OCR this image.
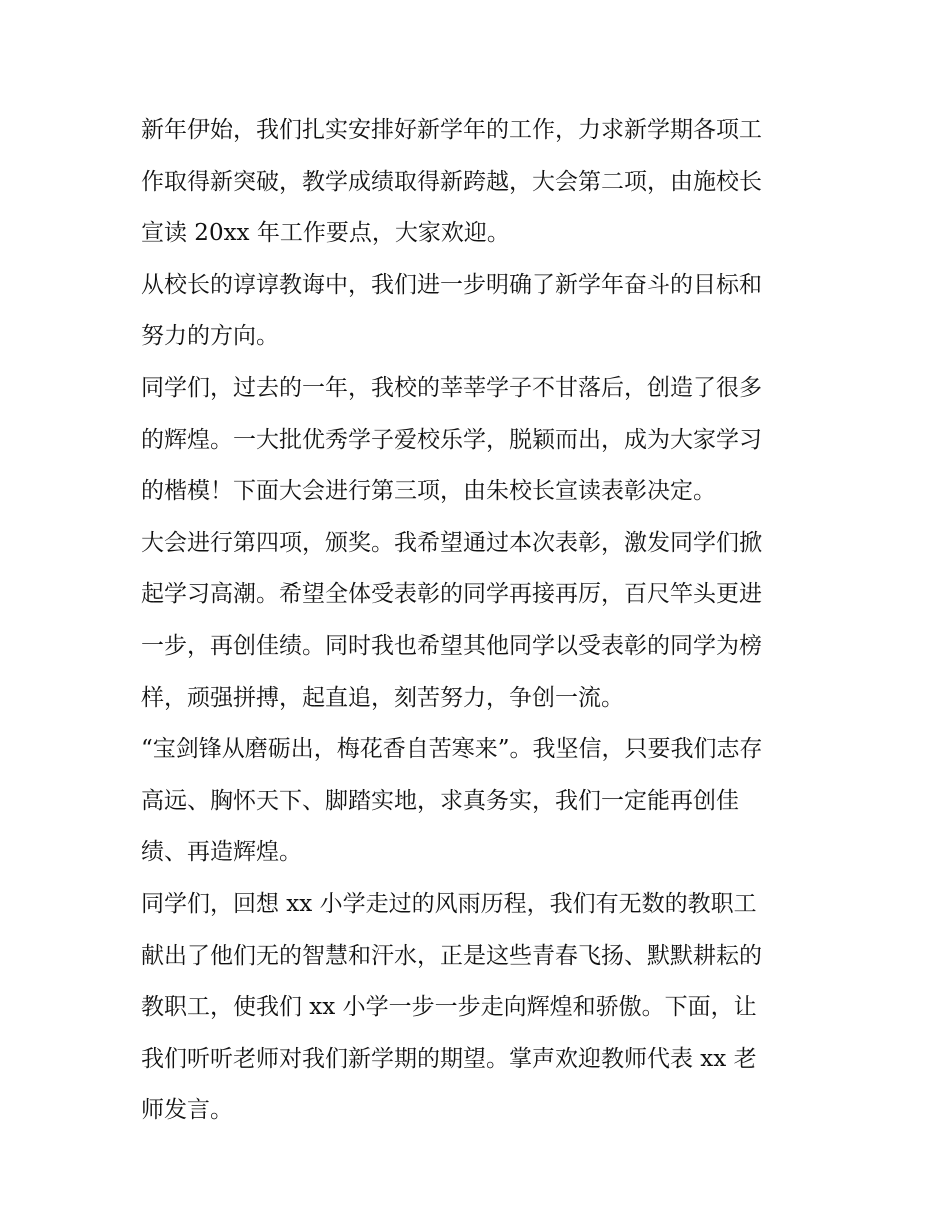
新年伊始，我们扎实安排好新学年的工作，力求新学期各项工
作取得新突破，教学成绩取得新跨越，大会第二项，由施校长
宣读 20xx 年工作要点，大家欢迎。

从校长的谆谆教诲中，我们进一步明确了新学年奋斗的目标和
努力的方向。

同学们，过去的一年，我校的莘莘学子不甘落后，创造了很多
的辉煌。一大批优秀学子爱校乐学，脱颖而出，成为大家学习
的楷模！下面大会进行第三项，由朱校长宣读表彰决定。

大会进行第四项，颁奖。我希望通过本次表彰，激发同学们掀
起学习高潮。希望全体受表彰的同学再接再厉，百尺竿头更进
一步，再创佳绩。同时我也希望其他同学以受表彰的同学为榜
样，顽强拼搏，起直追，刻苦努力，争创一流。

“宝剑锋从磨砺出，梅花香自苦寒来”。我坚信，只要我们志存
高远、胸怀天下、脚踏实地，求真务实，我们一定能再创佳
绩、再造辉煌。

同学们，回想 xx 小学走过的风雨历程，我们有无数的教职工
献出了他们无的智慧和汗水，正是这些青春飞扬、默默耕耘的
教职工，使我们 xx 小学一步一步走向辉煌和骄傲。下面，让
我们听听老师对我们新学期的期望。掌声欢迎教师代表 xx 老
师发言。
